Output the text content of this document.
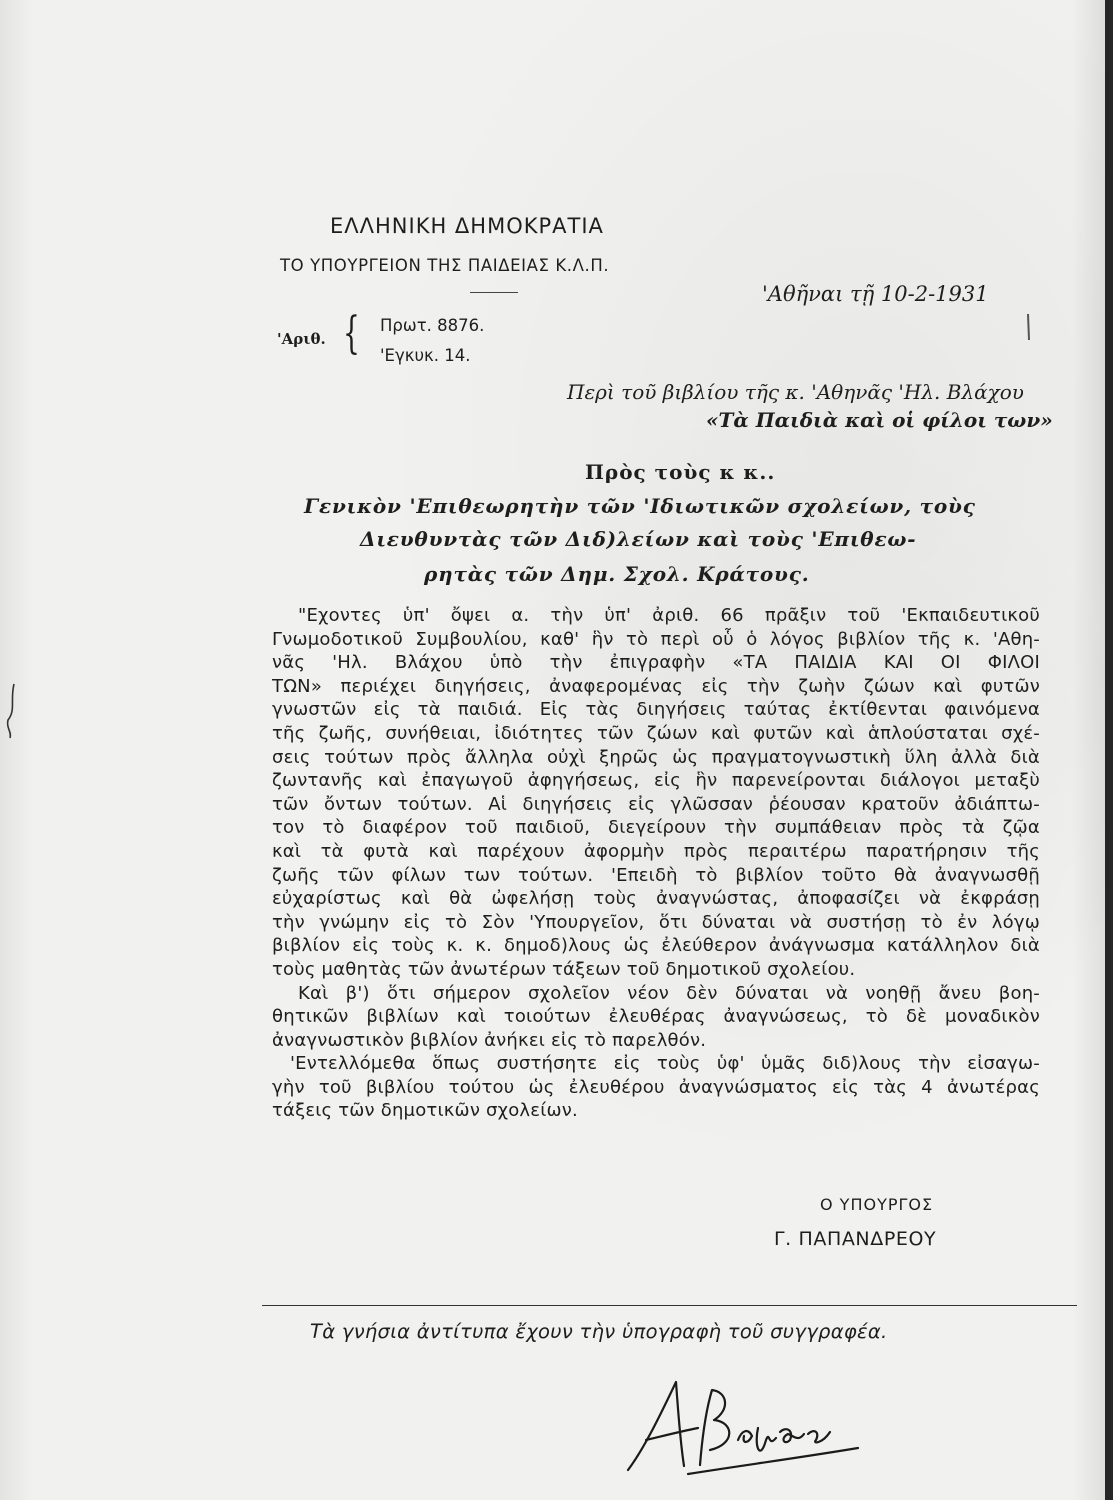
ΕΛΛΗΝΙΚΗ ΔΗΜΟΚΡΑΤΙΑ
ΤΟ ΥΠΟΥΡΓΕΙΟΝ ΤΗΣ ΠΑΙΔΕΙΑΣ Κ.Λ.Π.
'Αθῆναι τῇ 10-2-1931
'Αριθ. { Πρωτ. 8876.
'Εγκυκ. 14.
Περὶ τοῦ βιβλίου τῆς κ. 'Αθηνᾶς 'Ηλ. Βλάχου
«Τὰ Παιδιὰ καὶ οἱ φίλοι των»
Πρὸς τοὺς κ κ..
Γενικὸν 'Επιθεωρητὴν τῶν 'Ιδιωτικῶν σχολείων, τοὺς
Διευθυντὰς τῶν Διδ)λείων καὶ τοὺς 'Επιθεω-
ρητὰς τῶν Δημ. Σχολ. Κράτους.
"Εχοντες ὑπ' ὄψει α. τὴν ὑπ' ἀριθ. 66 πρᾶξιν τοῦ 'Εκπαιδευτικοῦ
Γνωμοδοτικοῦ Συμβουλίου, καθ' ἣν τὸ περὶ οὗ ὁ λόγος βιβλίον τῆς κ. 'Αθη-
νᾶς 'Ηλ. Βλάχου ὑπὸ τὴν ἐπιγραφὴν «ΤΑ ΠΑΙΔΙΑ ΚΑΙ ΟΙ ΦΙΛΟΙ
ΤΩΝ» περιέχει διηγήσεις, ἀναφερομένας εἰς τὴν ζωὴν ζώων καὶ φυτῶν
γνωστῶν εἰς τὰ παιδιά. Εἰς τὰς διηγήσεις ταύτας ἐκτίθενται φαινόμενα
τῆς ζωῆς, συνήθειαι, ἰδιότητες τῶν ζώων καὶ φυτῶν καὶ ἁπλούσταται σχέ-
σεις τούτων πρὸς ἄλληλα οὐχὶ ξηρῶς ὡς πραγματογνωστικὴ ὕλη ἀλλὰ διὰ
ζωντανῆς καὶ ἐπαγωγοῦ ἀφηγήσεως, εἰς ἣν παρενείρονται διάλογοι μεταξὺ
τῶν ὄντων τούτων. Αἱ διηγήσεις εἰς γλῶσσαν ῥέουσαν κρατοῦν ἀδιάπτω-
τον τὸ διαφέρον τοῦ παιδιοῦ, διεγείρουν τὴν συμπάθειαν πρὸς τὰ ζῷα
καὶ τὰ φυτὰ καὶ παρέχουν ἀφορμὴν πρὸς περαιτέρω παρατήρησιν τῆς
ζωῆς τῶν φίλων των τούτων. 'Επειδὴ τὸ βιβλίον τοῦτο θὰ ἀναγνωσθῇ
εὐχαρίστως καὶ θὰ ὠφελήσῃ τοὺς ἀναγνώστας, ἀποφασίζει νὰ ἐκφράσῃ
τὴν γνώμην εἰς τὸ Σὸν 'Υπουργεῖον, ὅτι δύναται νὰ συστήσῃ τὸ ἐν λόγῳ
βιβλίον εἰς τοὺς κ. κ. δημοδ)λους ὡς ἐλεύθερον ἀνάγνωσμα κατάλληλον διὰ
τοὺς μαθητὰς τῶν ἀνωτέρων τάξεων τοῦ δημοτικοῦ σχολείου.
Καὶ β') ὅτι σήμερον σχολεῖον νέον δὲν δύναται νὰ νοηθῇ ἄνευ βοη-
θητικῶν βιβλίων καὶ τοιούτων ἐλευθέρας ἀναγνώσεως, τὸ δὲ μοναδικὸν
ἀναγνωστικὸν βιβλίον ἀνήκει εἰς τὸ παρελθόν.
'Εντελλόμεθα ὅπως συστήσητε εἰς τοὺς ὑφ' ὑμᾶς διδ)λους τὴν εἰσαγω-
γὴν τοῦ βιβλίου τούτου ὡς ἐλευθέρου ἀναγνώσματος εἰς τὰς 4 ἀνωτέρας
τάξεις τῶν δημοτικῶν σχολείων.
Ο ΥΠΟΥΡΓΟΣ
Γ. ΠΑΠΑΝΔΡΕΟΥ
Τὰ γνήσια ἀντίτυπα ἔχουν τὴν ὑπογραφὴ τοῦ συγγραφέα.
